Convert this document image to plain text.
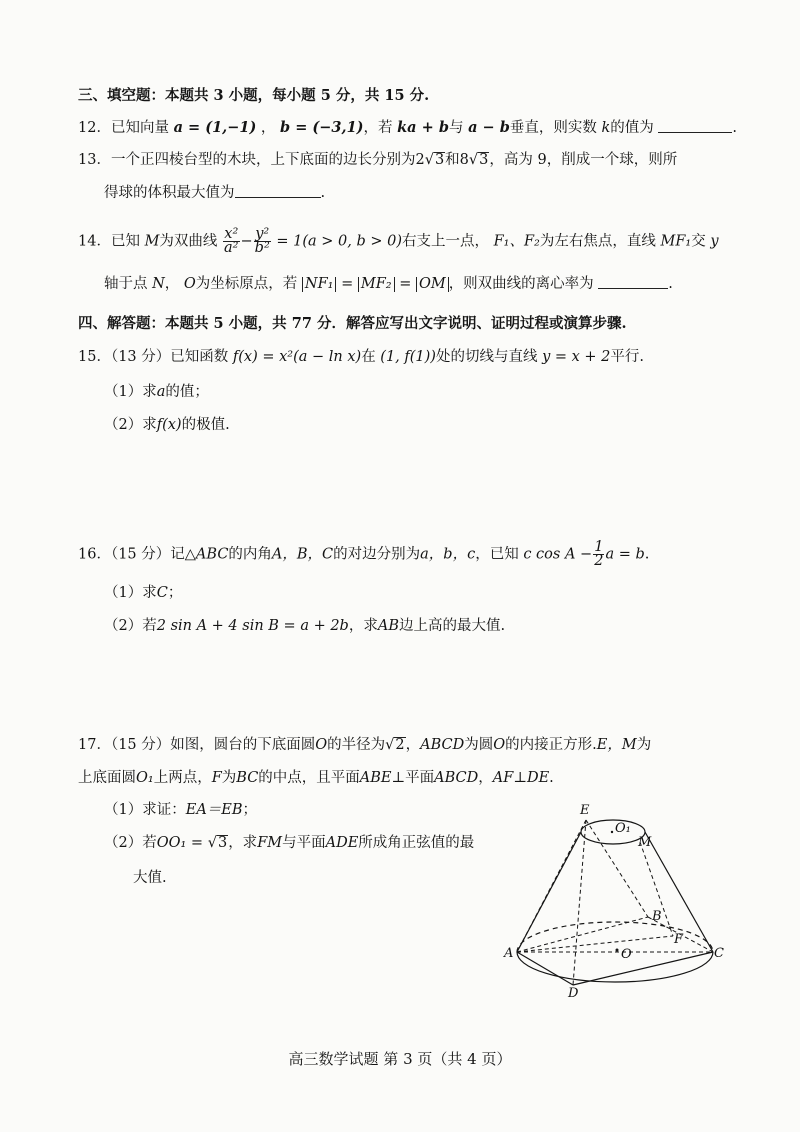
三、填空题：本题共 3 小题，每小题 5 分，共 15 分.
12．已知向量 a = (1,−1) ， b = (−3,1)，若 ka + b与 a − b垂直，则实数 k的值为	.
13．一个正四棱台型的木块，上下底面的边长分别为2√3和8√3，高为 9，削成一个球，则所
得球的体积最大值为	.
14．已知 M为双曲线 $\frac{\text{x²}}{\text{a²}} - \frac{\text{y²}}{\text{b²}} = 1(a > 0$, b > 0)右支上一点， F₁、F₂为左右焦点，直线 MF₁交 y
轴于点 N， O为坐标原点，若 NF₁ = MF₂ = OM ，则双曲线的离心率为	.
四、解答题：本题共 5 小题，共 77 分．解答应写出文字说明、证明过程或演算步骤.
15．（13 分）已知函数 f(x) = x²(a − ln x)在 (1, f(1))处的切线与直线 y = x + 2平行.
（1）求a的值；
（2）求f(x)的极值.
16．（15 分）记△ABC的内角A，B，C的对边分别为a，b，c，已知 c $\cos A - \frac{1}{2}$ a = b.
（1）求C；
（2）若2 sin A + 4 sin B = a + 2b，求AB边上高的最大值.
17．（15 分）如图，圆台的下底面圆O的半径为√2，ABCD为圆O的内接正方形.E，M为
上底面圆O₁上两点，F为BC的中点，且平面ABE⊥平面ABCD，AF⊥DE.
（1）求证：EA＝EB；
（2）若OO₁ = √3，求FM与平面ADE所成角正弦值的最
大值.
E
O₁
M
B
F
A	O	C
D
高三数学试题 第 3 页（共 4 页）
